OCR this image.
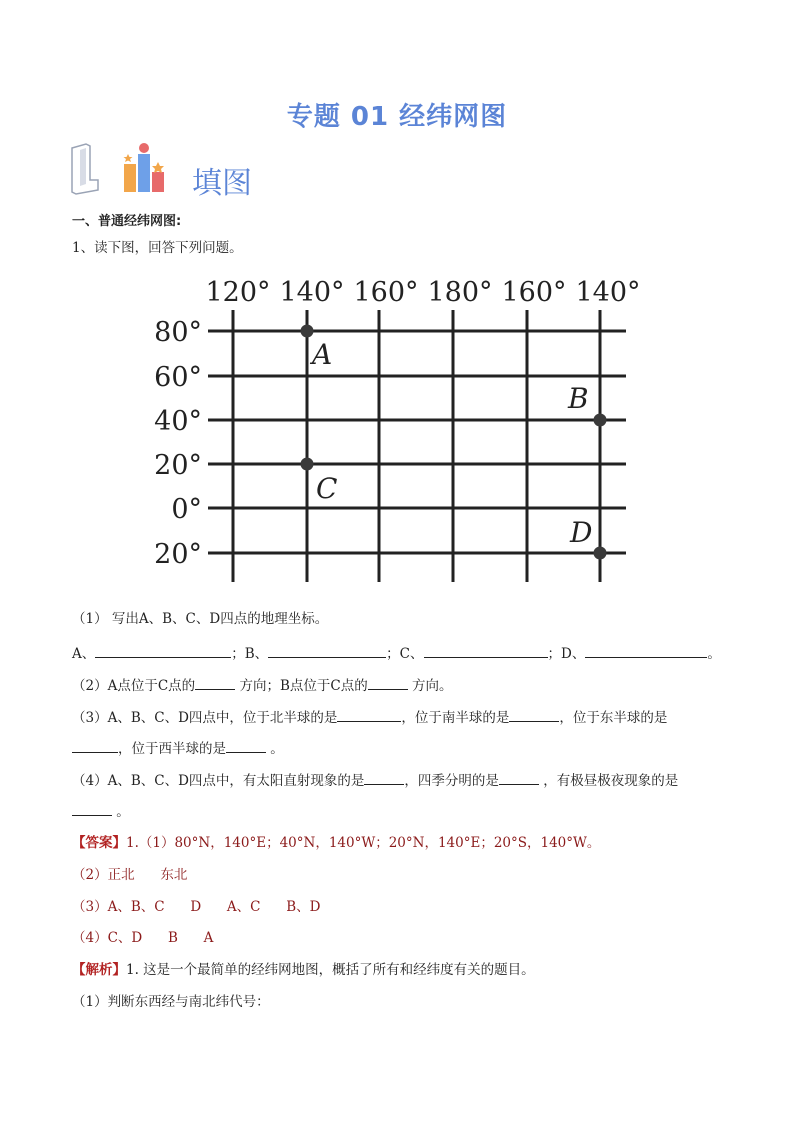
专题 01 经纬网图
填图
一、普通经纬网图:
1、读下图，回答下列问题。
120° 140° 160° 180° 160° 140°
80°
60°
40°
20°
0°
20°
A
B
C
D
（1） 写出A、B、C、D四点的地理坐标。
A、	；B、	；C、	；D、	。
（2）A点位于C点的	方向；B点位于C点的	方向。
（3）A、B、C、D四点中，位于北半球的是	，位于南半球的是	，位于东半球的是
，位于西半球的是	。
（4）A、B、C、D四点中，有太阳直射现象的是	，四季分明的是	，有极昼极夜现象的是
。
【答案】1.（1）80°N，140°E；40°N，140°W；20°N，140°E；20°S，140°W。
（2）正北      东北
（3）A、B、C      D      A、C      B、D
（4）C、D      B      A
【解析】1. 这是一个最简单的经纬网地图，概括了所有和经纬度有关的题目。
（1）判断东西经与南北纬代号：
